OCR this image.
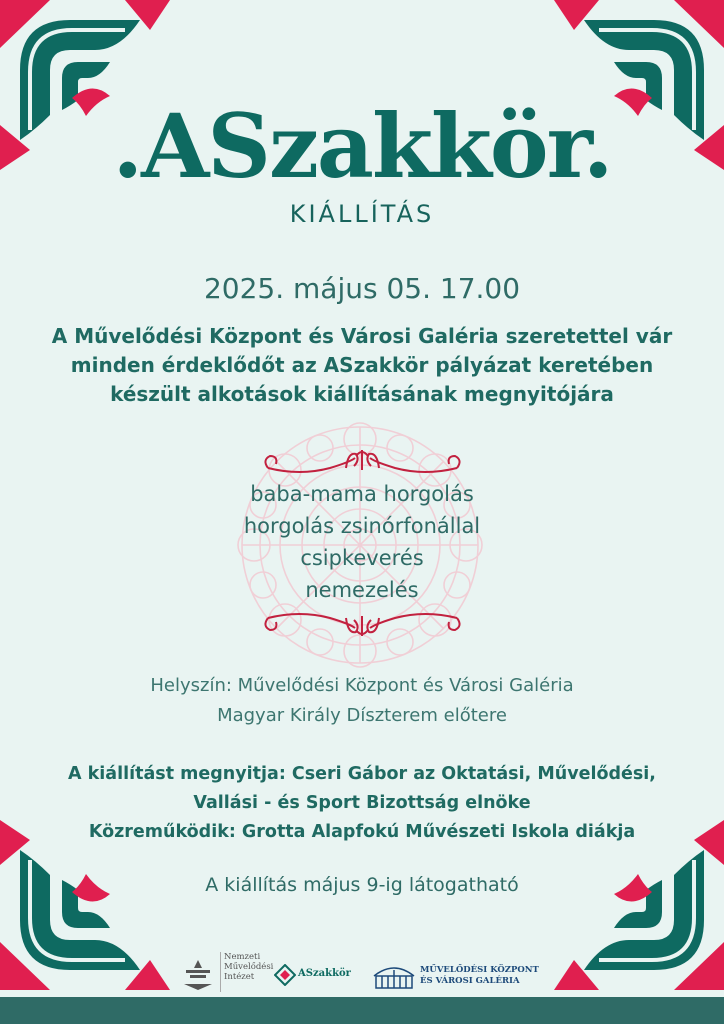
.ASzakkör.
KIÁLLÍTÁS
2025. május 05. 17.00
A Művelődési Központ és Városi Galéria szeretettel vár
minden érdeklődőt az ASzakkör pályázat keretében
készült alkotások kiállításának megnyitójára
baba-mama horgolás
horgolás zsinórfonállal
csipkeverés
nemezelés
Helyszín: Művelődési Központ és Városi Galéria
Magyar Király Díszterem előtere
A kiállítást megnyitja: Cseri Gábor az Oktatási, Művelődési,
Vallási - és Sport Bizottság elnöke
Közreműködik: Grotta Alapfokú Művészeti Iskola diákja
A kiállítás május 9-ig látogatható
Nemzeti
Művelődési
Intézet	ASzakkör	MŰVELŐDÉSI KÖZPONT
ÉS VÁROSI GALÉRIA
